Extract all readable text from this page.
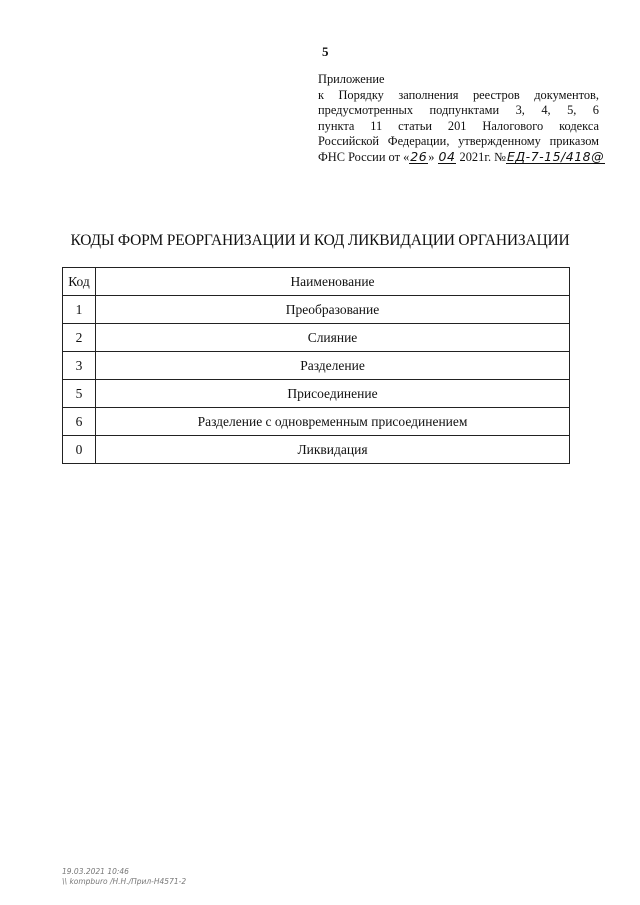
5
Приложение
к Порядку заполнения реестров документов,
предусмотренных подпунктами 3, 4, 5, 6
пункта 11 статьи 201 Налогового кодекса
Российской Федерации, утвержденному приказом
ФНС России от «26» 04 2021г. №ЕД-7-15/418@
КОДЫ ФОРМ РЕОРГАНИЗАЦИИ И КОД ЛИКВИДАЦИИ ОРГАНИЗАЦИИ
Код	Наименование
1	Преобразование
2	Слияние
3	Разделение
5	Присоединение
6	Разделение с одновременным присоединением
0	Ликвидация
19.03.2021 10:46
\\ kompburo /Н.Н./Прил-Н4571-2
